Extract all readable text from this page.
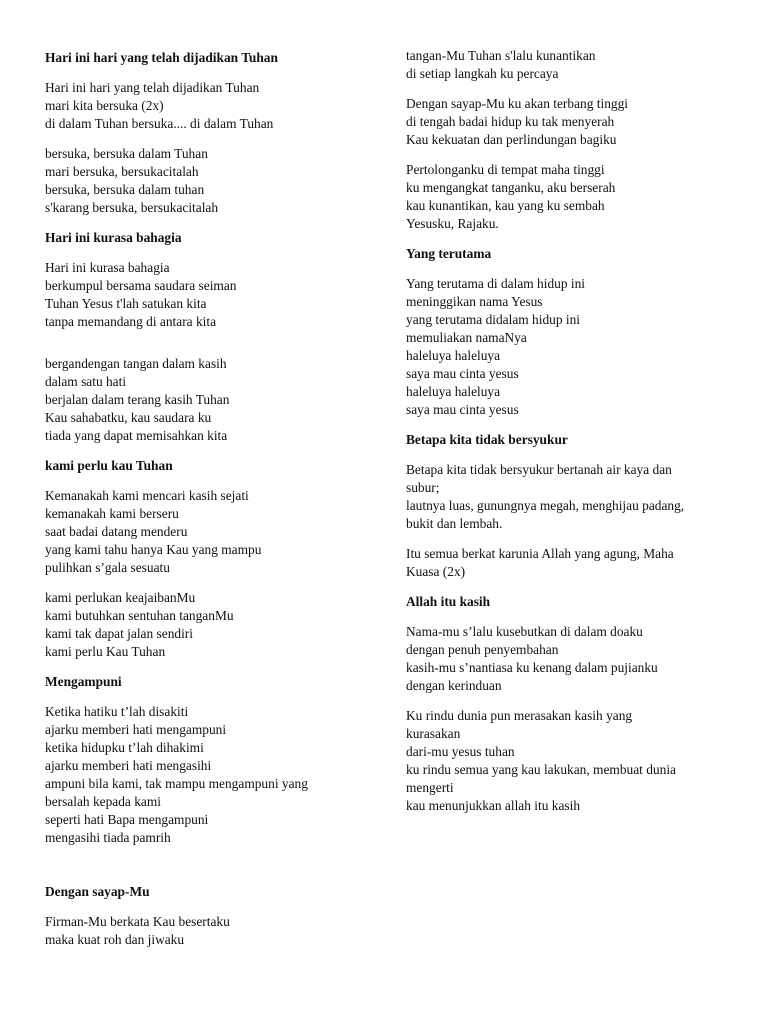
Hari ini hari yang telah dijadikan Tuhan
Hari ini hari yang telah dijadikan Tuhan
mari kita bersuka (2x)
di dalam Tuhan bersuka.... di dalam Tuhan
bersuka, bersuka dalam Tuhan
mari bersuka, bersukacitalah
bersuka, bersuka dalam tuhan
s'karang bersuka, bersukacitalah
Hari ini kurasa bahagia
Hari ini kurasa bahagia
berkumpul bersama saudara seiman
Tuhan Yesus t'lah satukan kita
tanpa memandang di antara kita
bergandengan tangan dalam kasih
dalam satu hati
berjalan dalam terang kasih Tuhan
Kau sahabatku, kau saudara ku
tiada yang dapat memisahkan kita
kami perlu kau Tuhan
Kemanakah kami mencari kasih sejati
kemanakah kami berseru
saat badai datang menderu
yang kami tahu hanya Kau yang mampu
pulihkan s’gala sesuatu
kami perlukan keajaibanMu
kami butuhkan sentuhan tanganMu
kami tak dapat jalan sendiri
kami perlu Kau Tuhan
Mengampuni
Ketika hatiku t’lah disakiti
ajarku memberi hati mengampuni
ketika hidupku t’lah dihakimi
ajarku memberi hati mengasihi
ampuni bila kami, tak mampu mengampuni yang
bersalah kepada kami
seperti hati Bapa mengampuni
mengasihi tiada pamrih
Dengan sayap-Mu
Firman-Mu berkata Kau besertaku
maka kuat roh dan jiwaku
tangan-Mu Tuhan s'lalu kunantikan
di setiap langkah ku percaya
Dengan sayap-Mu ku akan terbang tinggi
di tengah badai hidup ku tak menyerah
Kau kekuatan dan perlindungan bagiku
Pertolonganku di tempat maha tinggi
ku mengangkat tanganku, aku berserah
kau kunantikan, kau yang ku sembah
Yesusku, Rajaku.
Yang terutama
Yang terutama di dalam hidup ini
meninggikan nama Yesus
yang terutama didalam hidup ini
memuliakan namaNya
haleluya haleluya
saya mau cinta yesus
haleluya haleluya
saya mau cinta yesus
Betapa kita tidak bersyukur
Betapa kita tidak bersyukur bertanah air kaya dan
subur;
lautnya luas, gunungnya megah, menghijau padang,
bukit dan lembah.
Itu semua berkat karunia Allah yang agung, Maha
Kuasa (2x)
Allah itu kasih
Nama-mu s’lalu kusebutkan di dalam doaku
dengan penuh penyembahan
kasih-mu s’nantiasa ku kenang dalam pujianku
dengan kerinduan
Ku rindu dunia pun merasakan kasih yang
kurasakan
dari-mu yesus tuhan
ku rindu semua yang kau lakukan, membuat dunia
mengerti
kau menunjukkan allah itu kasih
